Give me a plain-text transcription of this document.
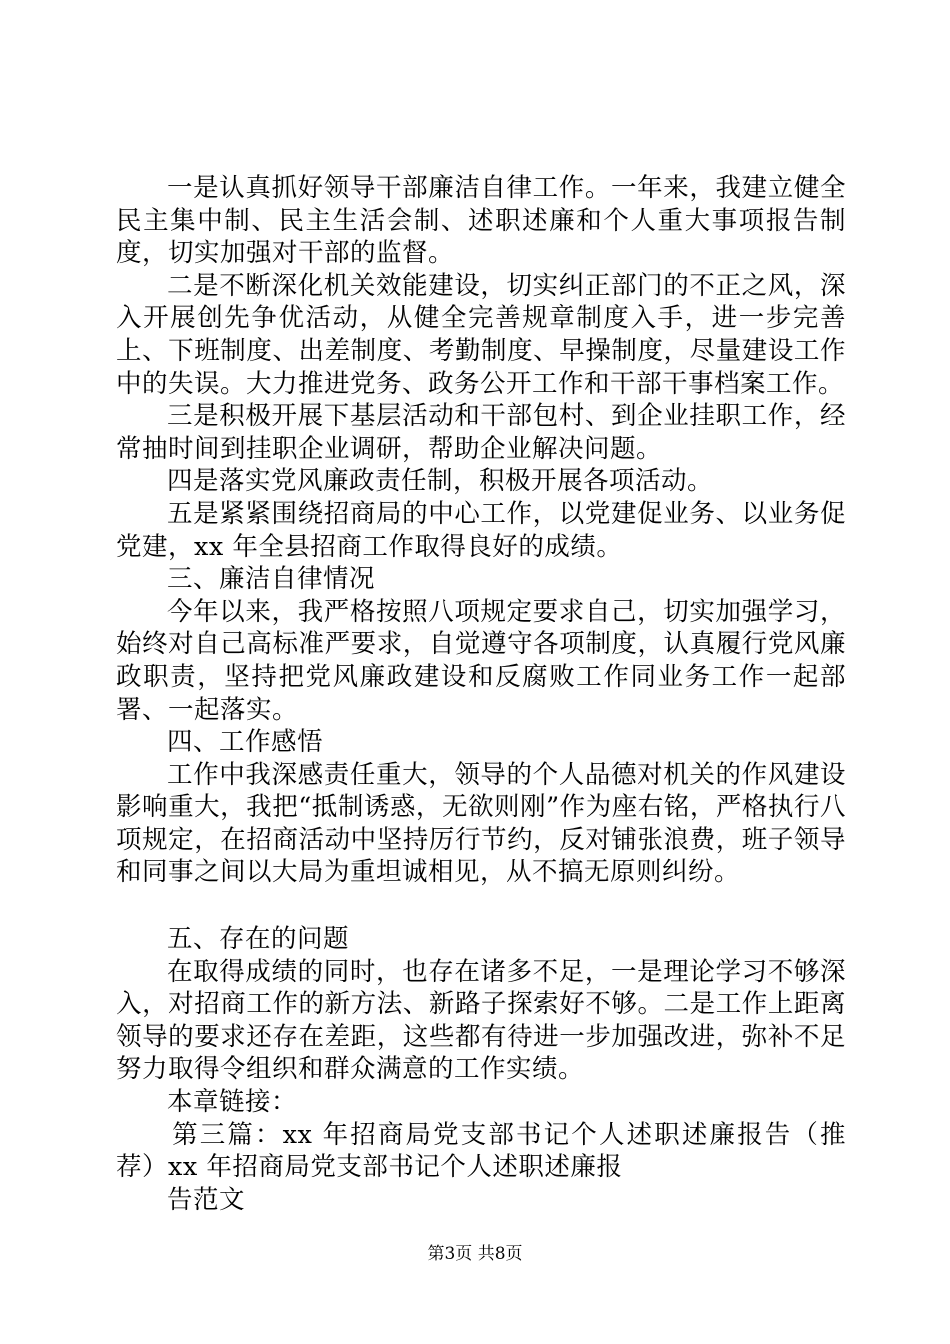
一是认真抓好领导干部廉洁自律工作。一年来，我建立健全民主集中制、民主生活会制、述职述廉和个人重大事项报告制度，切实加强对干部的监督。

二是不断深化机关效能建设，切实纠正部门的不正之风，深入开展创先争优活动，从健全完善规章制度入手，进一步完善上、下班制度、出差制度、考勤制度、早操制度，尽量建设工作中的失误。大力推进党务、政务公开工作和干部干事档案工作。

三是积极开展下基层活动和干部包村、到企业挂职工作，经常抽时间到挂职企业调研，帮助企业解决问题。

四是落实党风廉政责任制，积极开展各项活动。

五是紧紧围绕招商局的中心工作，以党建促业务、以业务促党建，xx 年全县招商工作取得良好的成绩。

三、廉洁自律情况

今年以来，我严格按照八项规定要求自己，切实加强学习，始终对自己高标准严要求，自觉遵守各项制度，认真履行党风廉政职责，坚持把党风廉政建设和反腐败工作同业务工作一起部署、一起落实。

四、工作感悟

工作中我深感责任重大，领导的个人品德对机关的作风建设影响重大，我把“抵制诱惑，无欲则刚”作为座右铭，严格执行八项规定，在招商活动中坚持厉行节约，反对铺张浪费，班子领导和同事之间以大局为重坦诚相见，从不搞无原则纠纷。

五、存在的问题

在取得成绩的同时，也存在诸多不足，一是理论学习不够深入，对招商工作的新方法、新路子探索好不够。二是工作上距离领导的要求还存在差距，这些都有待进一步加强改进，弥补不足努力取得令组织和群众满意的工作实绩。

本章链接：

第三篇：xx 年招商局党支部书记个人述职述廉报告（推荐）xx 年招商局党支部书记个人述职述廉报

告范文

第3页 共8页
